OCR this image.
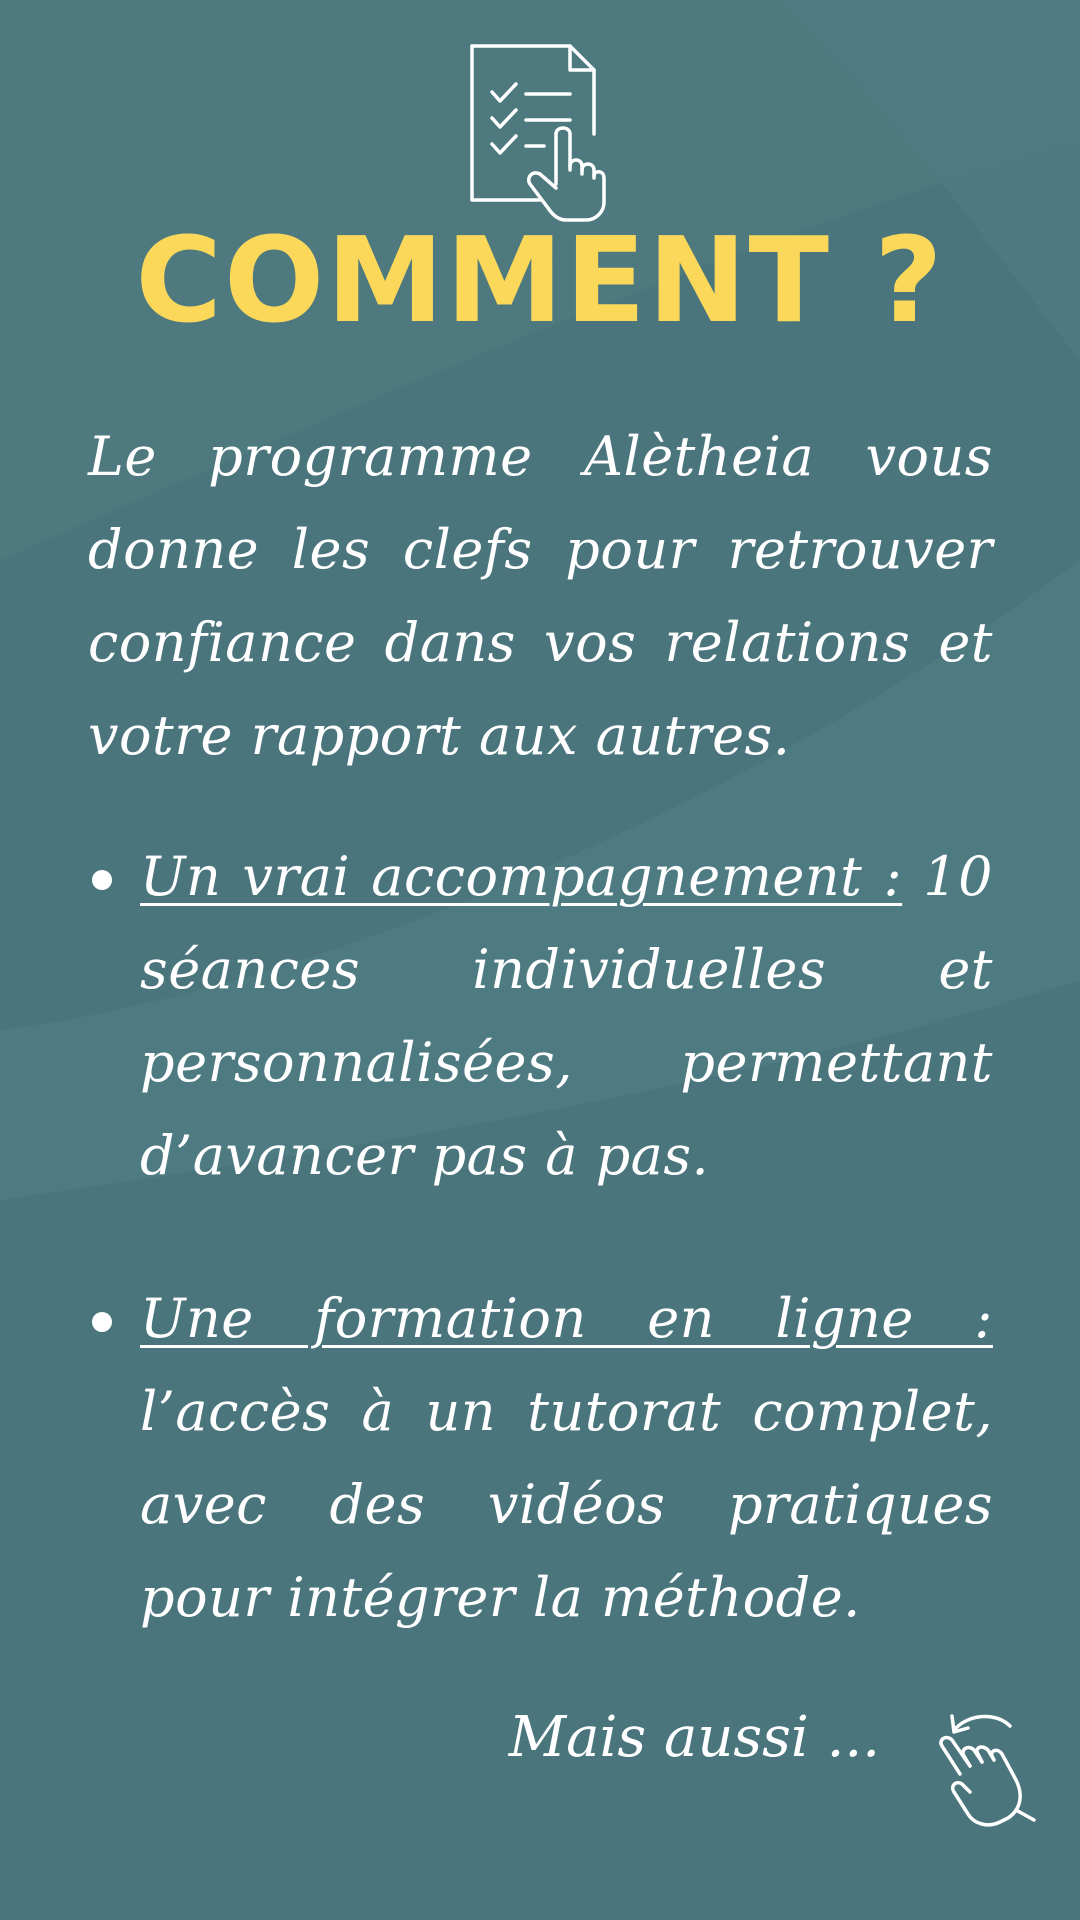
COMMENT ?

Le programme Alètheia vous donne les clefs pour retrouver confiance dans vos relations et votre rapport aux autres.

Un vrai accompagnement : 10 séances individuelles et personnalisées, permettant d’avancer pas à pas.
Une formation en ligne : l’accès à un tutorat complet, avec des vidéos pratiques pour intégrer la méthode.

Mais aussi ...
